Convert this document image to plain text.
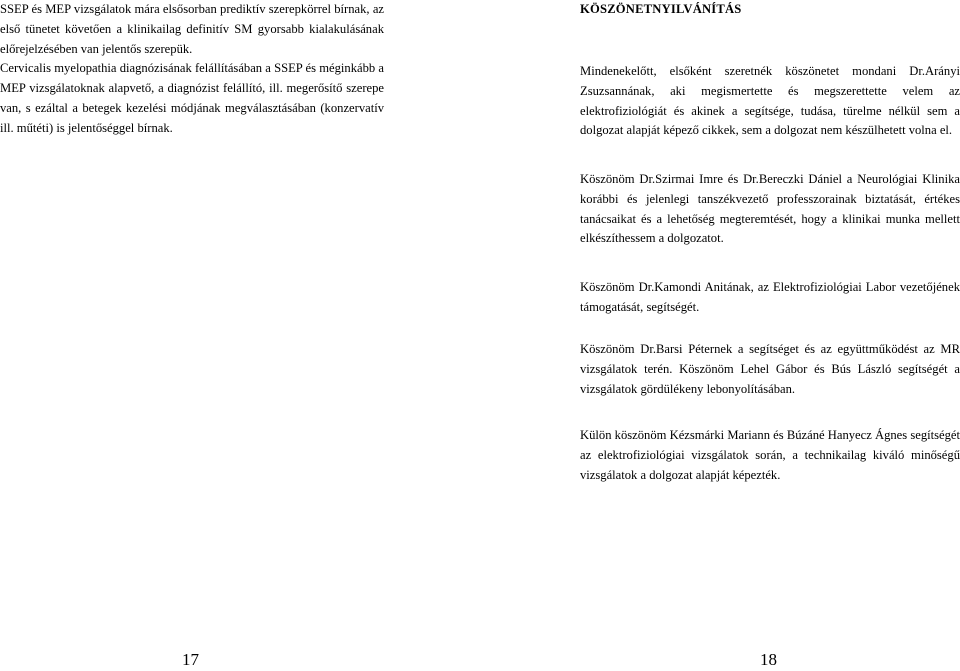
SSEP és MEP vizsgálatok mára elsősorban prediktív szerepkörrel bírnak, az
első tünetet követően a klinikailag definitív SM gyorsabb kialakulásának
előrejelzésében van jelentős szerepük.
Cervicalis myelopathia diagnózisának felállításában a SSEP és méginkább a
MEP vizsgálatoknak alapvető, a diagnózist felállító, ill. megerősítő szerepe
van, s ezáltal a betegek kezelési módjának megválasztásában (konzervatív
ill. műtéti) is jelentőséggel bírnak.
17
KÖSZÖNETNYILVÁNÍTÁS
Mindenekelőtt, elsőként szeretnék köszönetet mondani Dr.Arányi
Zsuzsannának, aki megismertette és megszerettette velem az
elektrofiziológiát és akinek a segítsége, tudása, türelme nélkül sem a
dolgozat alapját képező cikkek, sem a dolgozat nem készülhetett volna el.
Köszönöm Dr.Szirmai Imre és Dr.Bereczki Dániel a Neurológiai Klinika
korábbi és jelenlegi tanszékvezető professzorainak biztatását, értékes
tanácsaikat és a lehetőség megteremtését, hogy a klinikai munka mellett
elkészíthessem a dolgozatot.
Köszönöm Dr.Kamondi Anitának, az Elektrofiziológiai Labor vezetőjének
támogatását, segítségét.
Köszönöm Dr.Barsi Péternek a segítséget és az együttműködést az MR
vizsgálatok terén. Köszönöm Lehel Gábor és Bús László segítségét a
vizsgálatok gördülékeny lebonyolításában.
Külön köszönöm Kézsmárki Mariann és Búzáné Hanyecz Ágnes segítségét
az elektrofiziológiai vizsgálatok során, a technikailag kiváló minőségű
vizsgálatok a dolgozat alapját képezték.
18
